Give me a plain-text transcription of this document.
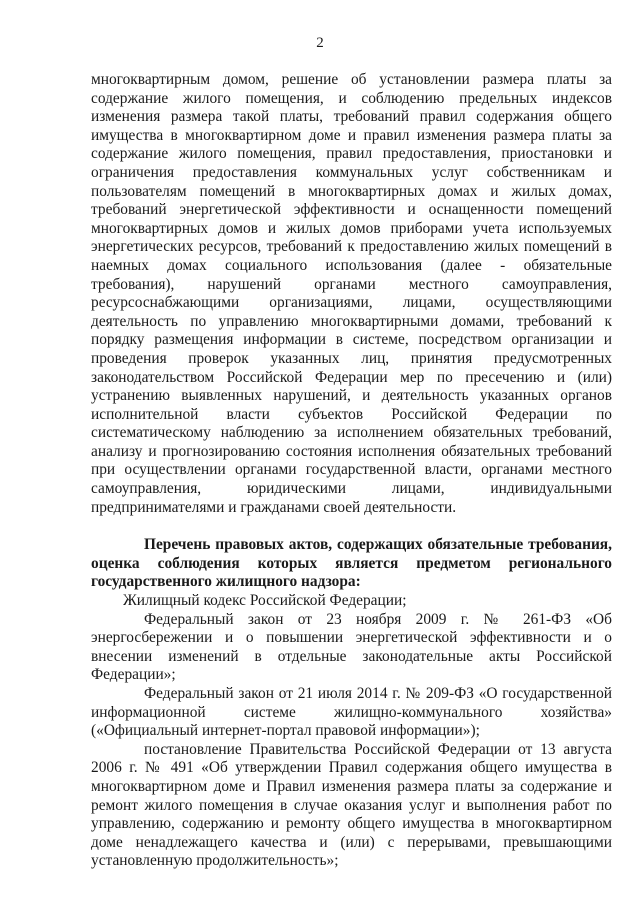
2

многоквартирным домом, решение об установлении размера платы за содержание жилого помещения, и соблюдению предельных индексов изменения размера такой платы, требований правил содержания общего имущества в многоквартирном доме и правил изменения размера платы за содержание жилого помещения, правил предоставления, приостановки и ограничения предоставления коммунальных услуг собственникам и пользователям помещений в многоквартирных домах и жилых домах, требований энергетической эффективности и оснащенности помещений многоквартирных домов и жилых домов приборами учета используемых энергетических ресурсов, требований к предоставлению жилых помещений в наемных домах социального использования (далее - обязательные требования), нарушений органами местного самоуправления, ресурсоснабжающими организациями, лицами, осуществляющими деятельность по управлению многоквартирными домами, требований к порядку размещения информации в системе, посредством организации и проведения проверок указанных лиц, принятия предусмотренных законодательством Российской Федерации мер по пресечению и (или) устранению выявленных нарушений, и деятельность указанных органов исполнительной власти субъектов Российской Федерации по систематическому наблюдению за исполнением обязательных требований, анализу и прогнозированию состояния исполнения обязательных требований при осуществлении органами государственной власти, органами местного самоуправления, юридическими лицами, индивидуальными предпринимателями и гражданами своей деятельности.

Перечень правовых актов, содержащих обязательные требования, оценка соблюдения которых является предметом регионального государственного жилищного надзора:

Жилищный кодекс Российской Федерации;

Федеральный закон от 23 ноября 2009 г. № 261-ФЗ «Об энергосбережении и о повышении энергетической эффективности и о внесении изменений в отдельные законодательные акты Российской Федерации»;

Федеральный закон от 21 июля 2014 г. № 209-ФЗ «О государственной информационной системе жилищно-коммунального хозяйства» («Официальный интернет-портал правовой информации»);

постановление Правительства Российской Федерации от 13 августа 2006 г. № 491 «Об утверждении Правил содержания общего имущества в многоквартирном доме и Правил изменения размера платы за содержание и ремонт жилого помещения в случае оказания услуг и выполнения работ по управлению, содержанию и ремонту общего имущества в многоквартирном доме ненадлежащего качества и (или) с перерывами, превышающими установленную продолжительность»;
